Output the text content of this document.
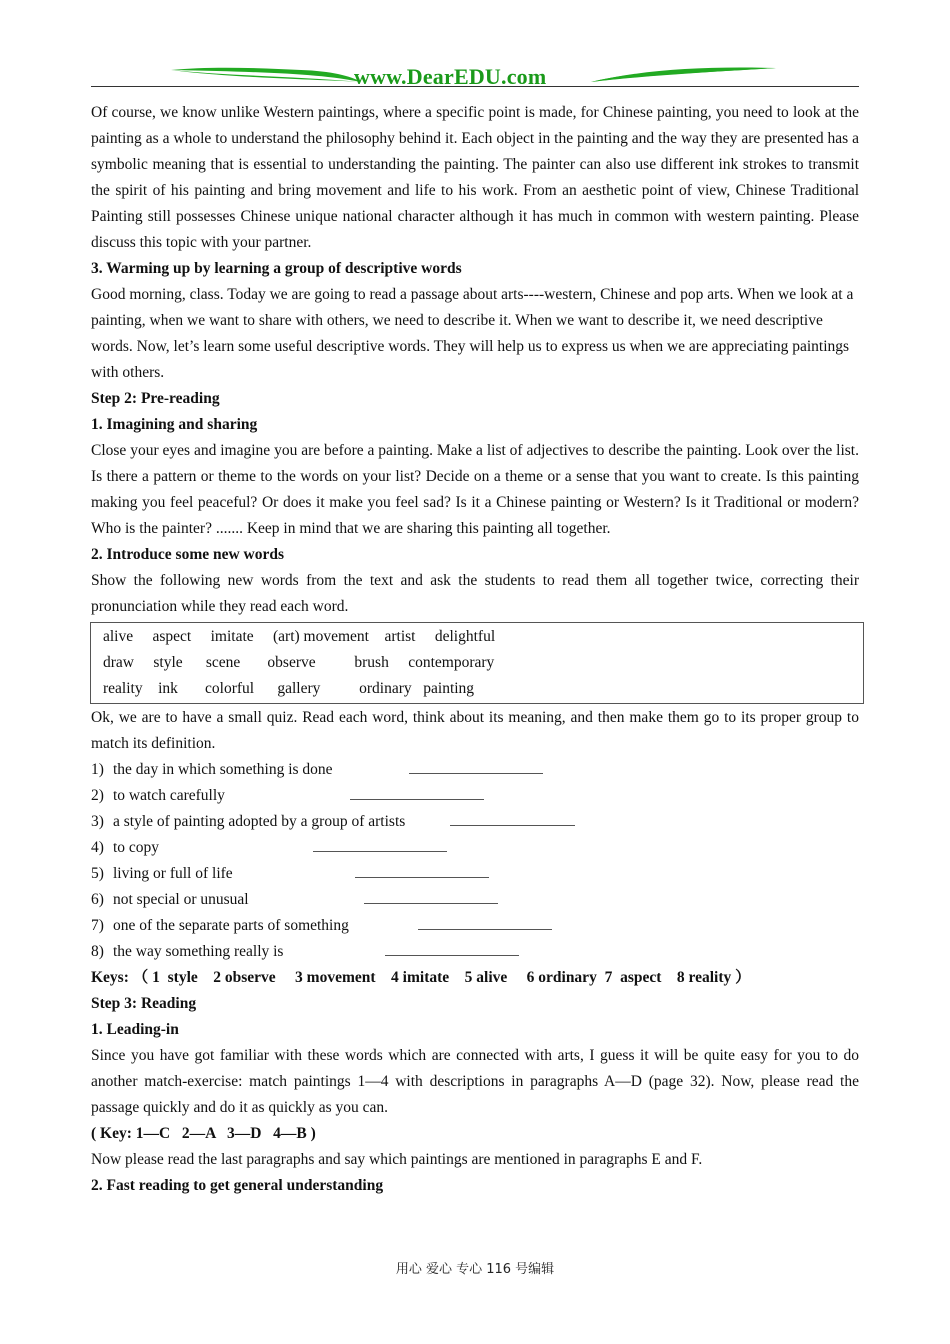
www.DearEDU.com

Of course, we know unlike Western paintings, where a specific point is made, for Chinese painting, you need to look at the painting as a whole to understand the philosophy behind it. Each object in the painting and the way they are presented has a symbolic meaning that is essential to understanding the painting. The painter can also use different ink strokes to transmit the spirit of his painting and bring movement and life to his work. From an aesthetic point of view, Chinese Traditional Painting still possesses Chinese unique national character although it has much in common with western painting. Please discuss this topic with your partner.

3. Warming up by learning a group of descriptive words

Good morning, class. Today we are going to read a passage about arts----western, Chinese and pop arts. When we look at a painting, when we want to share with others, we need to describe it. When we want to describe it, we need descriptive words. Now, let’s learn some useful descriptive words. They will help us to express us when we are appreciating paintings with others.

Step 2: Pre-reading

1. Imagining and sharing

Close your eyes and imagine you are before a painting. Make a list of adjectives to describe the painting. Look over the list. Is there a pattern or theme to the words on your list? Decide on a theme or a sense that you want to create. Is this painting making you feel peaceful? Or does it make you feel sad? Is it a Chinese painting or Western? Is it Traditional or modern? Who is the painter? ....... Keep in mind that we are sharing this painting all together.

2. Introduce some new words

Show the following new words from the text and ask the students to read them all together twice, correcting their pronunciation while they read each word.

alive     aspect     imitate     (art) movement    artist     delightful
draw     style      scene       observe          brush     contemporary
reality    ink       colorful      gallery          ordinary   painting

Ok, we are to have a small quiz. Read each word, think about its meaning, and then make them go to its proper group to match its definition.

1) the day in which something is done
2) to watch carefully
3) a style of painting adopted by a group of artists
4) to copy
5) living or full of life
6) not special or unusual
7) one of the separate parts of something
8) the way something really is

Keys: （ 1  style    2 observe     3 movement    4 imitate    5 alive     6 ordinary  7  aspect    8 reality ）

Step 3: Reading

1. Leading-in

Since you have got familiar with these words which are connected with arts, I guess it will be quite easy for you to do another match-exercise: match paintings 1—4 with descriptions in paragraphs A—D (page 32). Now, please read the passage quickly and do it as quickly as you can.

( Key: 1—C   2—A   3—D   4—B )

Now please read the last paragraphs and say which paintings are mentioned in paragraphs E and F.

2. Fast reading to get general understanding

用心 爱心 专心 116 号编辑
